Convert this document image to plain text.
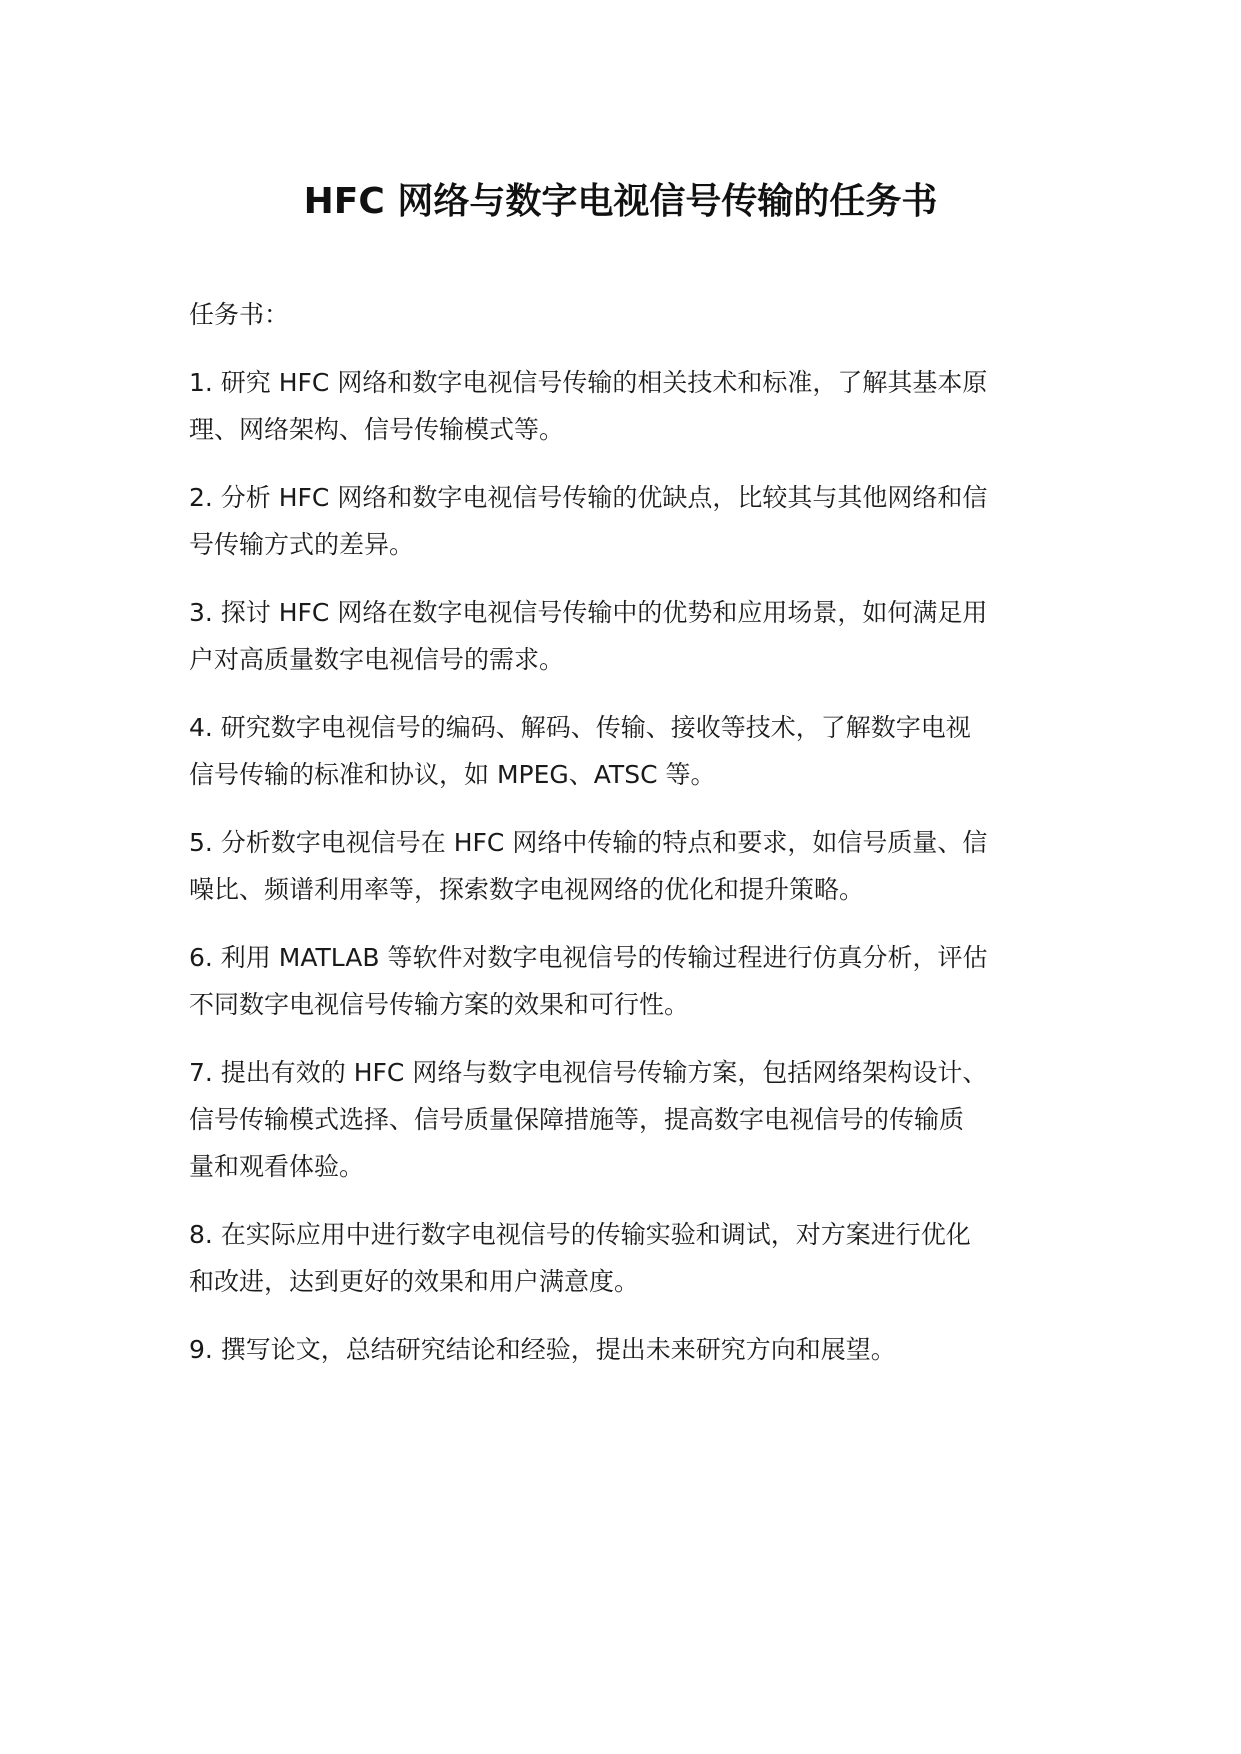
HFC 网络与数字电视信号传输的任务书

任务书：

1. 研究 HFC 网络和数字电视信号传输的相关技术和标准，了解其基本原
理、网络架构、信号传输模式等。
2. 分析 HFC 网络和数字电视信号传输的优缺点，比较其与其他网络和信
号传输方式的差异。
3. 探讨 HFC 网络在数字电视信号传输中的优势和应用场景，如何满足用
户对高质量数字电视信号的需求。
4. 研究数字电视信号的编码、解码、传输、接收等技术，了解数字电视
信号传输的标准和协议，如 MPEG、ATSC 等。
5. 分析数字电视信号在 HFC 网络中传输的特点和要求，如信号质量、信
噪比、频谱利用率等，探索数字电视网络的优化和提升策略。
6. 利用 MATLAB 等软件对数字电视信号的传输过程进行仿真分析，评估
不同数字电视信号传输方案的效果和可行性。
7. 提出有效的 HFC 网络与数字电视信号传输方案，包括网络架构设计、
信号传输模式选择、信号质量保障措施等，提高数字电视信号的传输质
量和观看体验。
8. 在实际应用中进行数字电视信号的传输实验和调试，对方案进行优化
和改进，达到更好的效果和用户满意度。
9. 撰写论文，总结研究结论和经验，提出未来研究方向和展望。
